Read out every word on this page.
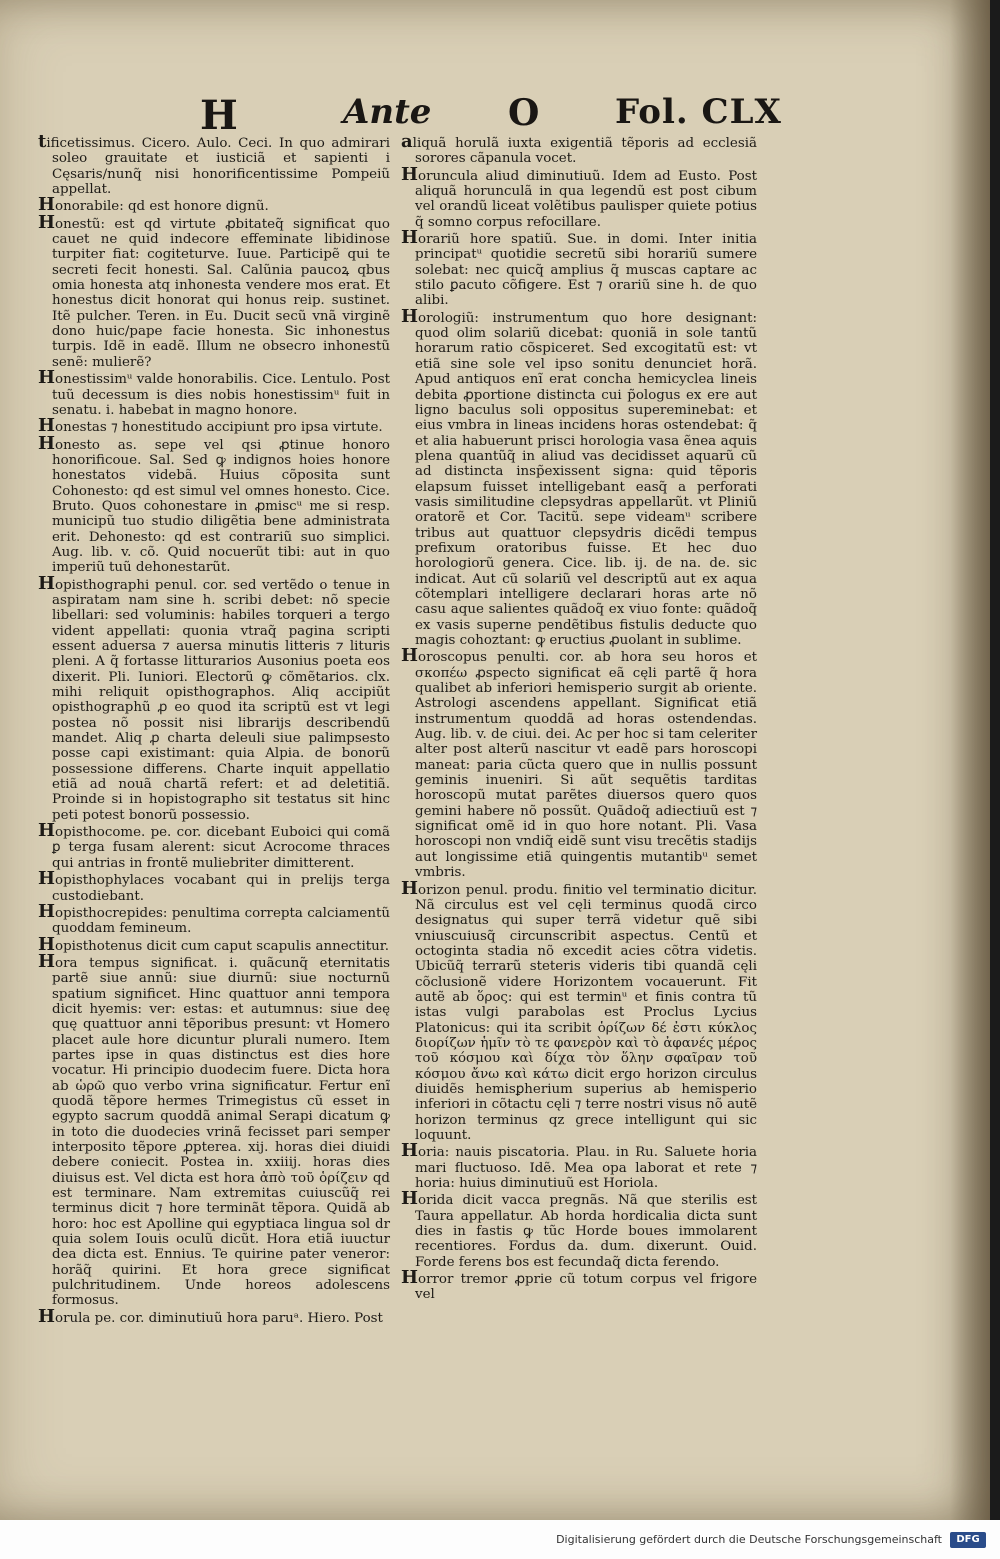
H	Ante O Fol. CLX

tificetissimus. Cicero. Aulo. Ceci. In quo admirari soleo grauitate et iusticiã et sapienti i Cęsaris/nunq̃ nisi honorificentissime Pompeiũ appellat.

Honorabile: qd est honore dignũ.

Honestũ: est qd virtute ꝓbitateq̃ significat quo cauet ne quid indecore effeminate libidinose turpiter fiat: cogiteturve. Iuue. Participẽ qui te secreti fecit honesti. Sal. Calũnia paucoꝝ qbus omia honesta atq inhonesta vendere mos erat. Et honestus dicit honorat qui honus reip. sustinet. Itẽ pulcher. Teren. in Eu. Ducit secũ vnã virginẽ dono huic/pape facie honesta. Sic inhonestus turpis. Idẽ in eadẽ. Illum ne obsecro inhonestũ senẽ: mulierẽ?

Honestissimᵘ valde honorabilis. Cice. Lentulo. Post tuũ decessum is dies nobis honestissimᵘ fuit in senatu. i. habebat in magno honore.

Honestas ⁊ honestitudo accipiunt pro ipsa virtute.

Honesto as. sepe vel qsi ꝓtinue honoro honorificoue. Sal. Sed ꝙ indignos hoies honore honestatos videbã. Huius cõposita sunt Cohonesto: qd est simul vel omnes honesto. Cice. Bruto. Quos cohonestare in ꝓmiscᵘ me si resp. municipũ tuo studio diligẽtia bene administrata erit. Dehonesto: qd est contrariũ suo simplici. Aug. lib. v. cõ. Quid nocuerũt tibi: aut in quo imperiũ tuũ dehonestarũt.

Hopisthographi penul. cor. sed vertẽdo o tenue in aspiratam nam sine h. scribi debet: nõ specie libellari: sed voluminis: habiles torqueri a tergo vident appellati: quonia vtraq̃ pagina scripti essent aduersa ⁊ auersa minutis litteris ⁊ lituris pleni. A q̃ fortasse litturarios Ausonius poeta eos dixerit. Pli. Iuniori. Electorũ ꝙ cõmẽtarios. clx. mihi reliquit opisthographos. Aliq accipiũt opisthographũ ꝓ eo quod ita scriptũ est vt legi postea nõ possit nisi librarijs describendũ mandet. Aliq ꝓ charta deleuli siue palimpsesto posse capi existimant: quia Alpia. de bonorũ possessione differens. Charte inquit appellatio etiã ad nouã chartã refert: et ad deletitiã. Proinde si in hopistographo sit testatus sit hinc peti potest bonorũ possessio.

Hopisthocome. pe. cor. dicebant Euboici qui comã ꝑ terga fusam alerent: sicut Acrocome thraces qui antrias in frontẽ muliebriter dimitterent.

Hopisthophylaces vocabant qui in prelijs terga custodiebant.

Hopisthocrepides: penultima correpta calciamentũ quoddam femineum.

Hopisthotenus dicit cum caput scapulis annectitur.

Hora tempus significat. i. quãcunq̃ eternitatis partẽ siue annũ: siue diurnũ: siue nocturnũ spatium significet. Hinc quattuor anni tempora dicit hyemis: ver: estas: et autumnus: siue deę quę quattuor anni tẽporibus presunt: vt Homero placet aule hore dicuntur plurali numero. Item partes ipse in quas distinctus est dies hore vocatur. Hi principio duodecim fuere. Dicta hora ab ὡρῶ quo verbo vrina significatur. Fertur enĩ quodã tẽpore hermes Trimegistus cũ esset in egypto sacrum quoddã animal Serapi dicatum ꝙ in toto die duodecies vrinã fecisset pari semper interposito tẽpore ꝓpterea. xij. horas diei diuidi debere coniecit. Postea in. xxiiij. horas dies diuisus est. Vel dicta est hora ἀπὸ τοῦ ὁρίζειν qd est terminare. Nam extremitas cuiuscũq̃ rei terminus dicit ⁊ hore terminãt tẽpora. Quidã ab horo: hoc est Apolline qui egyptiaca lingua sol dr quia solem Iouis oculũ dicũt. Hora etiã iuuctur dea dicta est. Ennius. Te quirine pater veneror: horãq̃ quirini. Et hora grece significat pulchritudinem. Unde horeos adolescens formosus.

Horula pe. cor. diminutiuũ hora paruᵃ. Hiero. Post

aliquã horulã iuxta exigentiã tẽporis ad ecclesiã sorores cãpanula vocet.

Horuncula aliud diminutiuũ. Idem ad Eusto. Post aliquã horunculã in qua legendũ est post cibum vel orandũ liceat volẽtibus paulisper quiete potius q̃ somno corpus refocillare.

Horariũ hore spatiũ. Sue. in domi. Inter initia principatᵘ quotidie secretũ sibi horariũ sumere solebat: nec quicq̃ amplius q̃ muscas captare ac stilo ꝑacuto cõfigere. Est ⁊ orariũ sine h. de quo alibi.

Horologiũ: instrumentum quo hore designant: quod olim solariũ dicebat: quoniã in sole tantũ horarum ratio cõspiceret. Sed excogitatũ est: vt etiã sine sole vel ipso sonitu denunciet horã. Apud antiquos enĩ erat concha hemicyclea lineis debita ꝓportione distincta cui p̃ologus ex ere aut ligno baculus soli oppositus supereminebat: et eius vmbra in lineas incidens horas ostendebat: q̃ et alia habuerunt prisci horologia vasa ẽnea aquis plena quantũq̃ in aliud vas decidisset aquarũ cũ ad distincta insp̃exissent signa: quid tẽporis elapsum fuisset intelligebant easq̃ a perforati vasis similitudine clepsydras appellarũt. vt Pliniũ oratorẽ et Cor. Tacitũ. sepe videamᵘ scribere tribus aut quattuor clepsydris dicẽdi tempus prefixum oratoribus fuisse. Et hec duo horologiorũ genera. Cice. lib. ij. de na. de. sic indicat. Aut cũ solariũ vel descriptũ aut ex aqua cõtemplari intelligere declarari horas arte nõ casu aque salientes quãdoq̃ ex viuo fonte: quãdoq̃ ex vasis superne pendẽtibus fistulis deducte quo magis cohoztant: ꝙ eructius ꝓuolant in sublime.

Horoscopus penulti. cor. ab hora seu horos et σκοπέω ꝓspecto significat eã cęli partẽ q̃ hora qualibet ab inferiori hemisperio surgit ab oriente. Astrologi ascendens appellant. Significat etiã instrumentum quoddã ad horas ostendendas. Aug. lib. v. de ciui. dei. Ac per hoc si tam celeriter alter post alterũ nascitur vt eadẽ pars horoscopi maneat: paria cũcta quero que in nullis possunt geminis inueniri. Si aũt sequẽtis tarditas horoscopũ mutat parẽtes diuersos quero quos gemini habere nõ possũt. Quãdoq̃ adiectiuũ est ⁊ significat omẽ id in quo hore notant. Pli. Vasa horoscopi non vndiq̃ eidẽ sunt visu trecẽtis stadijs aut longissime etiã quingentis mutantibᵘ semet vmbris.

Horizon penul. produ. finitio vel terminatio dicitur. Nã circulus est vel cęli terminus quodã circo designatus qui super terrã videtur quẽ sibi vniuscuiusq̃ circunscribit aspectus. Centũ et octoginta stadia nõ excedit acies cõtra videtis. Ubicũq̃ terrarũ steteris videris tibi quandã cęli cõclusionẽ videre Horizontem vocauerunt. Fit autẽ ab ὅρος: qui est terminᵘ et finis contra tũ istas vulgi parabolas est Proclus Lycius Platonicus: qui ita scribit ὁρίζων δέ ἐστι κύκλος διορίζων ἡμῖν τὸ τε φανερὸν καὶ τὸ ἀφανές μέρος τοῦ κόσμου καὶ δίχα τὸν ὅλην σφαῖραν τοῦ κόσμου ἄνω καὶ κάτω dicit ergo horizon circulus diuidẽs hemisꝑherium superius ab hemisperio inferiori in cõtactu cęli ⁊ terre nostri visus nõ autẽ horizon terminus qz grece intelligunt qui sic loquunt.

Horia: nauis piscatoria. Plau. in Ru. Saluete horia mari fluctuoso. Idẽ. Mea opa laborat et rete ⁊ horia: huius diminutiuũ est Horiola.

Horida dicit vacca pregnãs. Nã que sterilis est Taura appellatur. Ab horda hordicalia dicta sunt dies in fastis ꝙ tũc Horde boues immolarent recentiores. Fordus da. dum. dixerunt. Ouid. Forde ferens bos est fecundaq̃ dicta ferendo.

Horror tremor ꝓprie cũ totum corpus vel frigore vel

Digitalisierung gefördert durch die Deutsche Forschungsgemeinschaft	DFG
